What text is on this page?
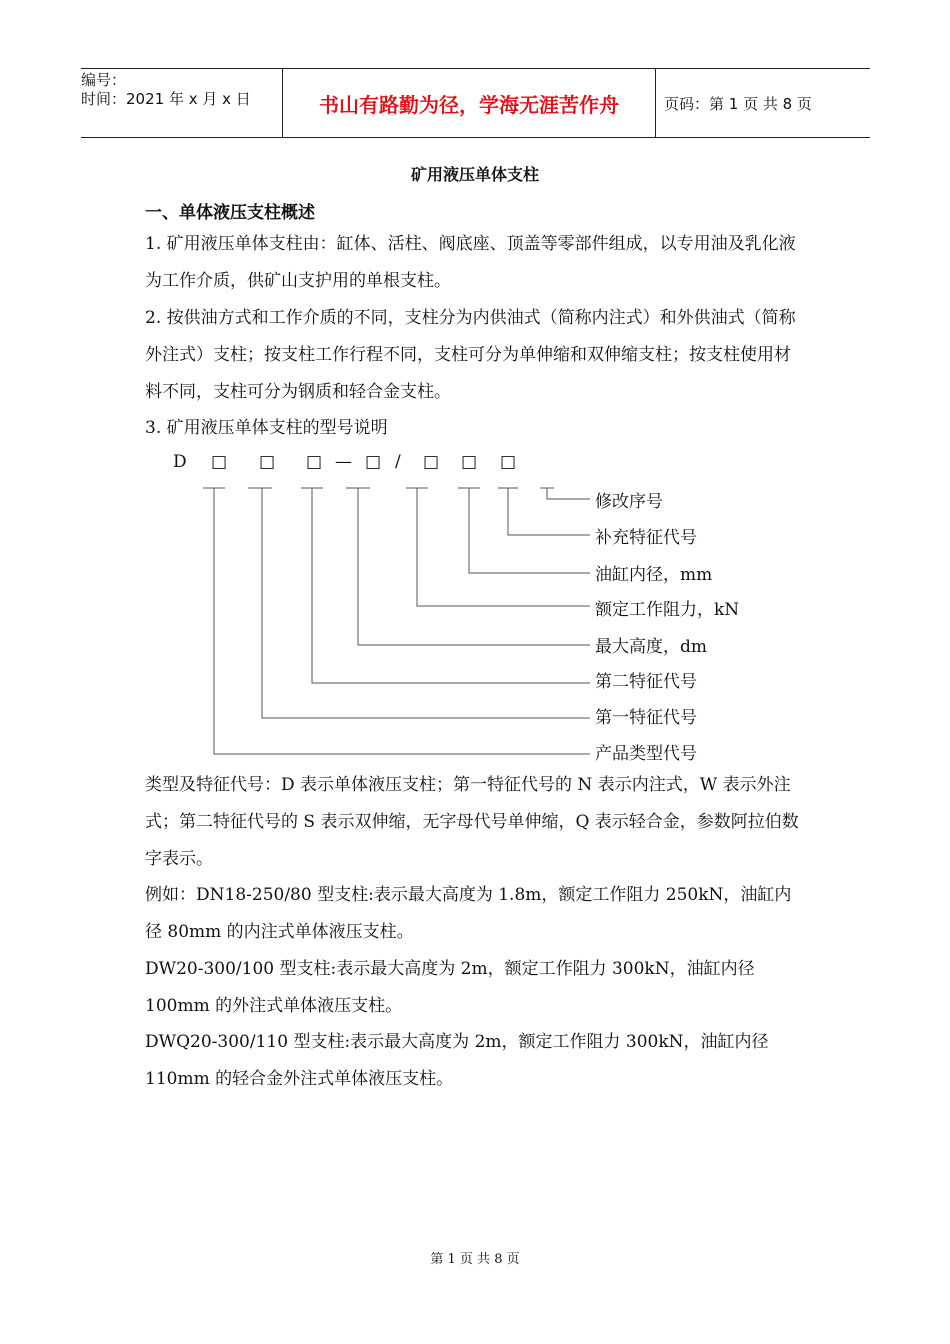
编号：
时间：2021 年 x 月 x 日	书山有路勤为径，学海无涯苦作舟	页码：第 1 页 共 8 页
矿用液压单体支柱
一、单体液压支柱概述

1. 矿用液压单体支柱由：缸体、活柱、阀底座、顶盖等零部件组成，以专用油及乳化液为工作介质，供矿山支护用的单根支柱。

2. 按供油方式和工作介质的不同，支柱分为内供油式（简称内注式）和外供油式（简称外注式）支柱；按支柱工作行程不同，支柱可分为单伸缩和双伸缩支柱；按支柱使用材料不同，支柱可分为钢质和轻合金支柱。

3. 矿用液压单体支柱的型号说明

D □ □ □ — □ / □ □ □
修改序号
补充特征代号
油缸内径，mm
额定工作阻力，kN
最大高度，dm
第二特征代号
第一特征代号
产品类型代号

类型及特征代号：D 表示单体液压支柱；第一特征代号的 N 表示内注式，W 表示外注式；第二特征代号的 S 表示双伸缩，无字母代号单伸缩，Q 表示轻合金，参数阿拉伯数字表示。

例如：DN18-250/80 型支柱:表示最大高度为 1.8m，额定工作阻力 250kN，油缸内径 80mm 的内注式单体液压支柱。

DW20-300/100 型支柱:表示最大高度为 2m，额定工作阻力 300kN，油缸内径 100mm 的外注式单体液压支柱。

DWQ20-300/110 型支柱:表示最大高度为 2m，额定工作阻力 300kN，油缸内径 110mm 的轻合金外注式单体液压支柱。

第 1 页 共 8 页
